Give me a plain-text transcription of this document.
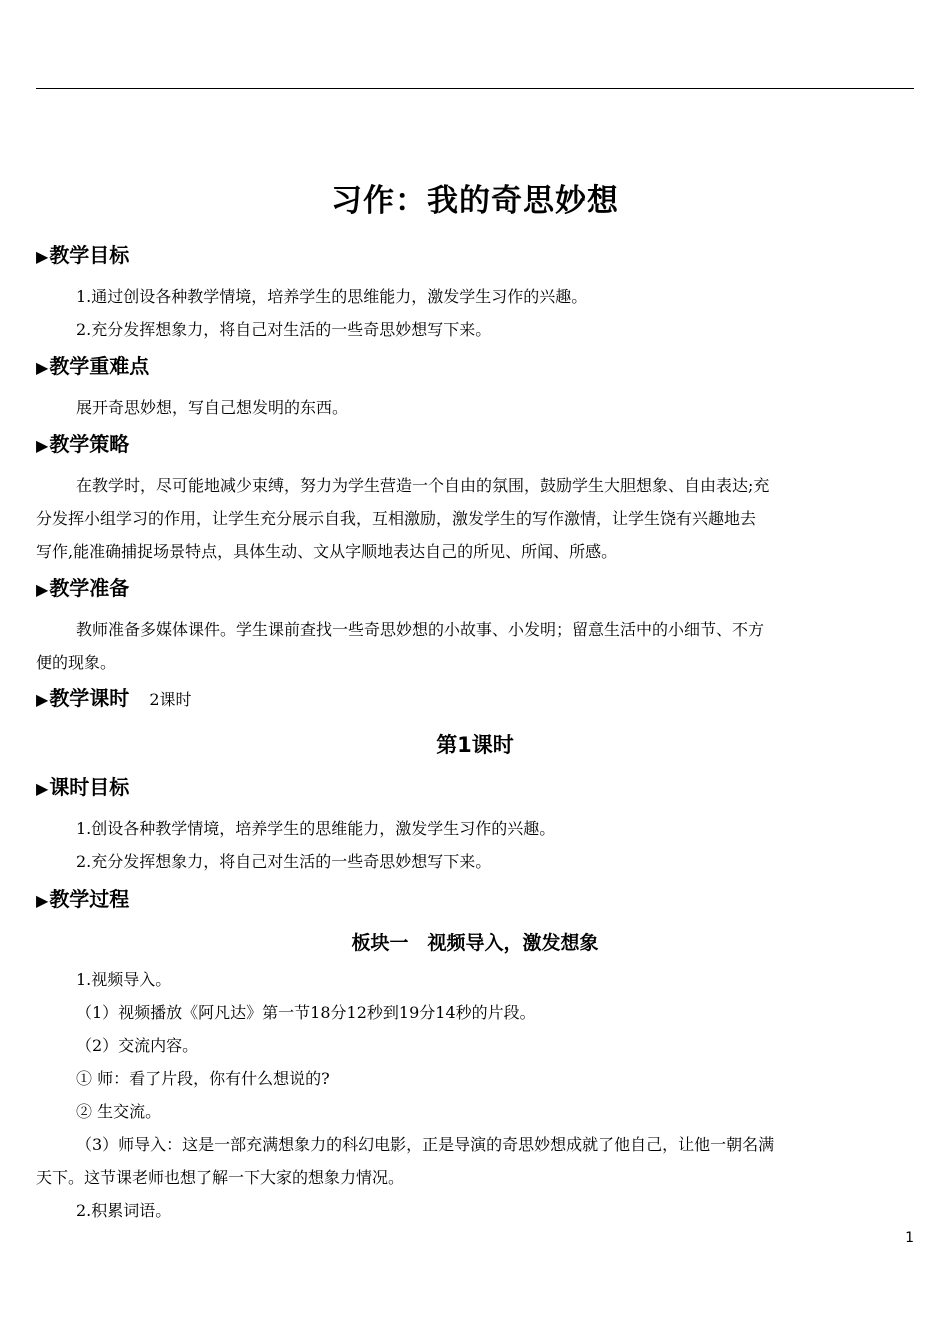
习作：我的奇思妙想
▶教学目标
1.通过创设各种教学情境，培养学生的思维能力，激发学生习作的兴趣。
2.充分发挥想象力，将自己对生活的一些奇思妙想写下来。
▶教学重难点
展开奇思妙想，写自己想发明的东西。
▶教学策略
在教学时，尽可能地减少束缚，努力为学生营造一个自由的氛围，鼓励学生大胆想象、自由表达;充
分发挥小组学习的作用，让学生充分展示自我，互相激励，激发学生的写作激情，让学生饶有兴趣地去
写作,能准确捕捉场景特点，具体生动、文从字顺地表达自己的所见、所闻、所感。
▶教学准备
教师准备多媒体课件。学生课前查找一些奇思妙想的小故事、小发明；留意生活中的小细节、不方
便的现象。
▶教学课时 2课时
第1课时
▶课时目标
1.创设各种教学情境，培养学生的思维能力，激发学生习作的兴趣。
2.充分发挥想象力，将自己对生活的一些奇思妙想写下来。
▶教学过程
板块一　视频导入，激发想象
1.视频导入。
（1）视频播放《阿凡达》第一节18分12秒到19分14秒的片段。
（2）交流内容。
① 师：看了片段，你有什么想说的?
② 生交流。
（3）师导入：这是一部充满想象力的科幻电影，正是导演的奇思妙想成就了他自己，让他一朝名满
天下。这节课老师也想了解一下大家的想象力情况。
2.积累词语。
1
